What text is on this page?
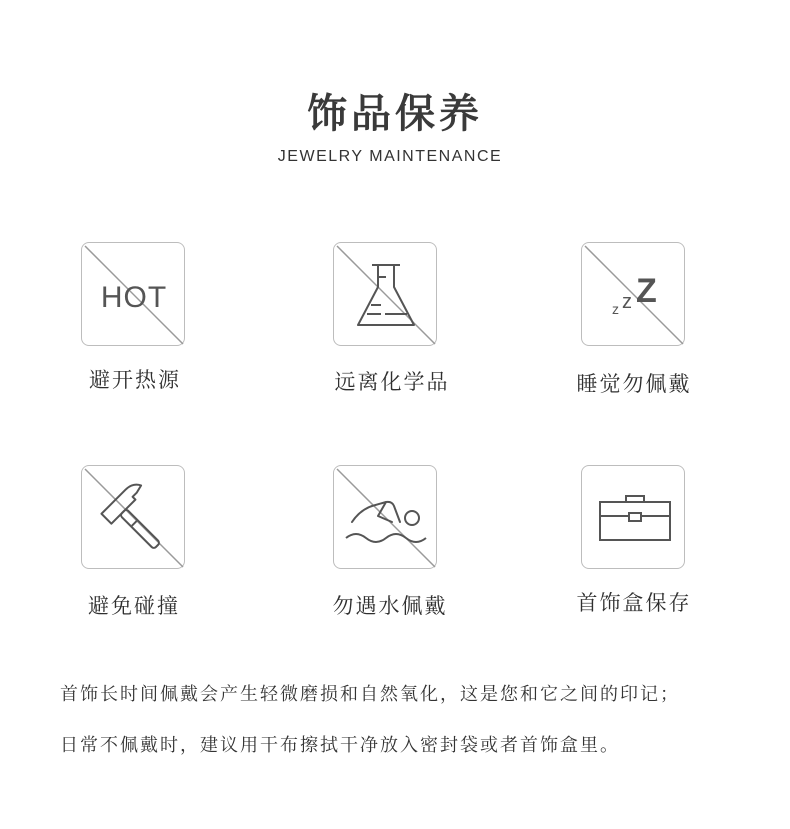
饰品保养
JEWELRY MAINTENANCE
HOT
避开热源	远离化学品
z z Z
睡觉勿佩戴
避免碰撞	勿遇水佩戴	首饰盒保存
首饰长时间佩戴会产生轻微磨损和自然氧化，这是您和它之间的印记；
日常不佩戴时，建议用干布擦拭干净放入密封袋或者首饰盒里。
